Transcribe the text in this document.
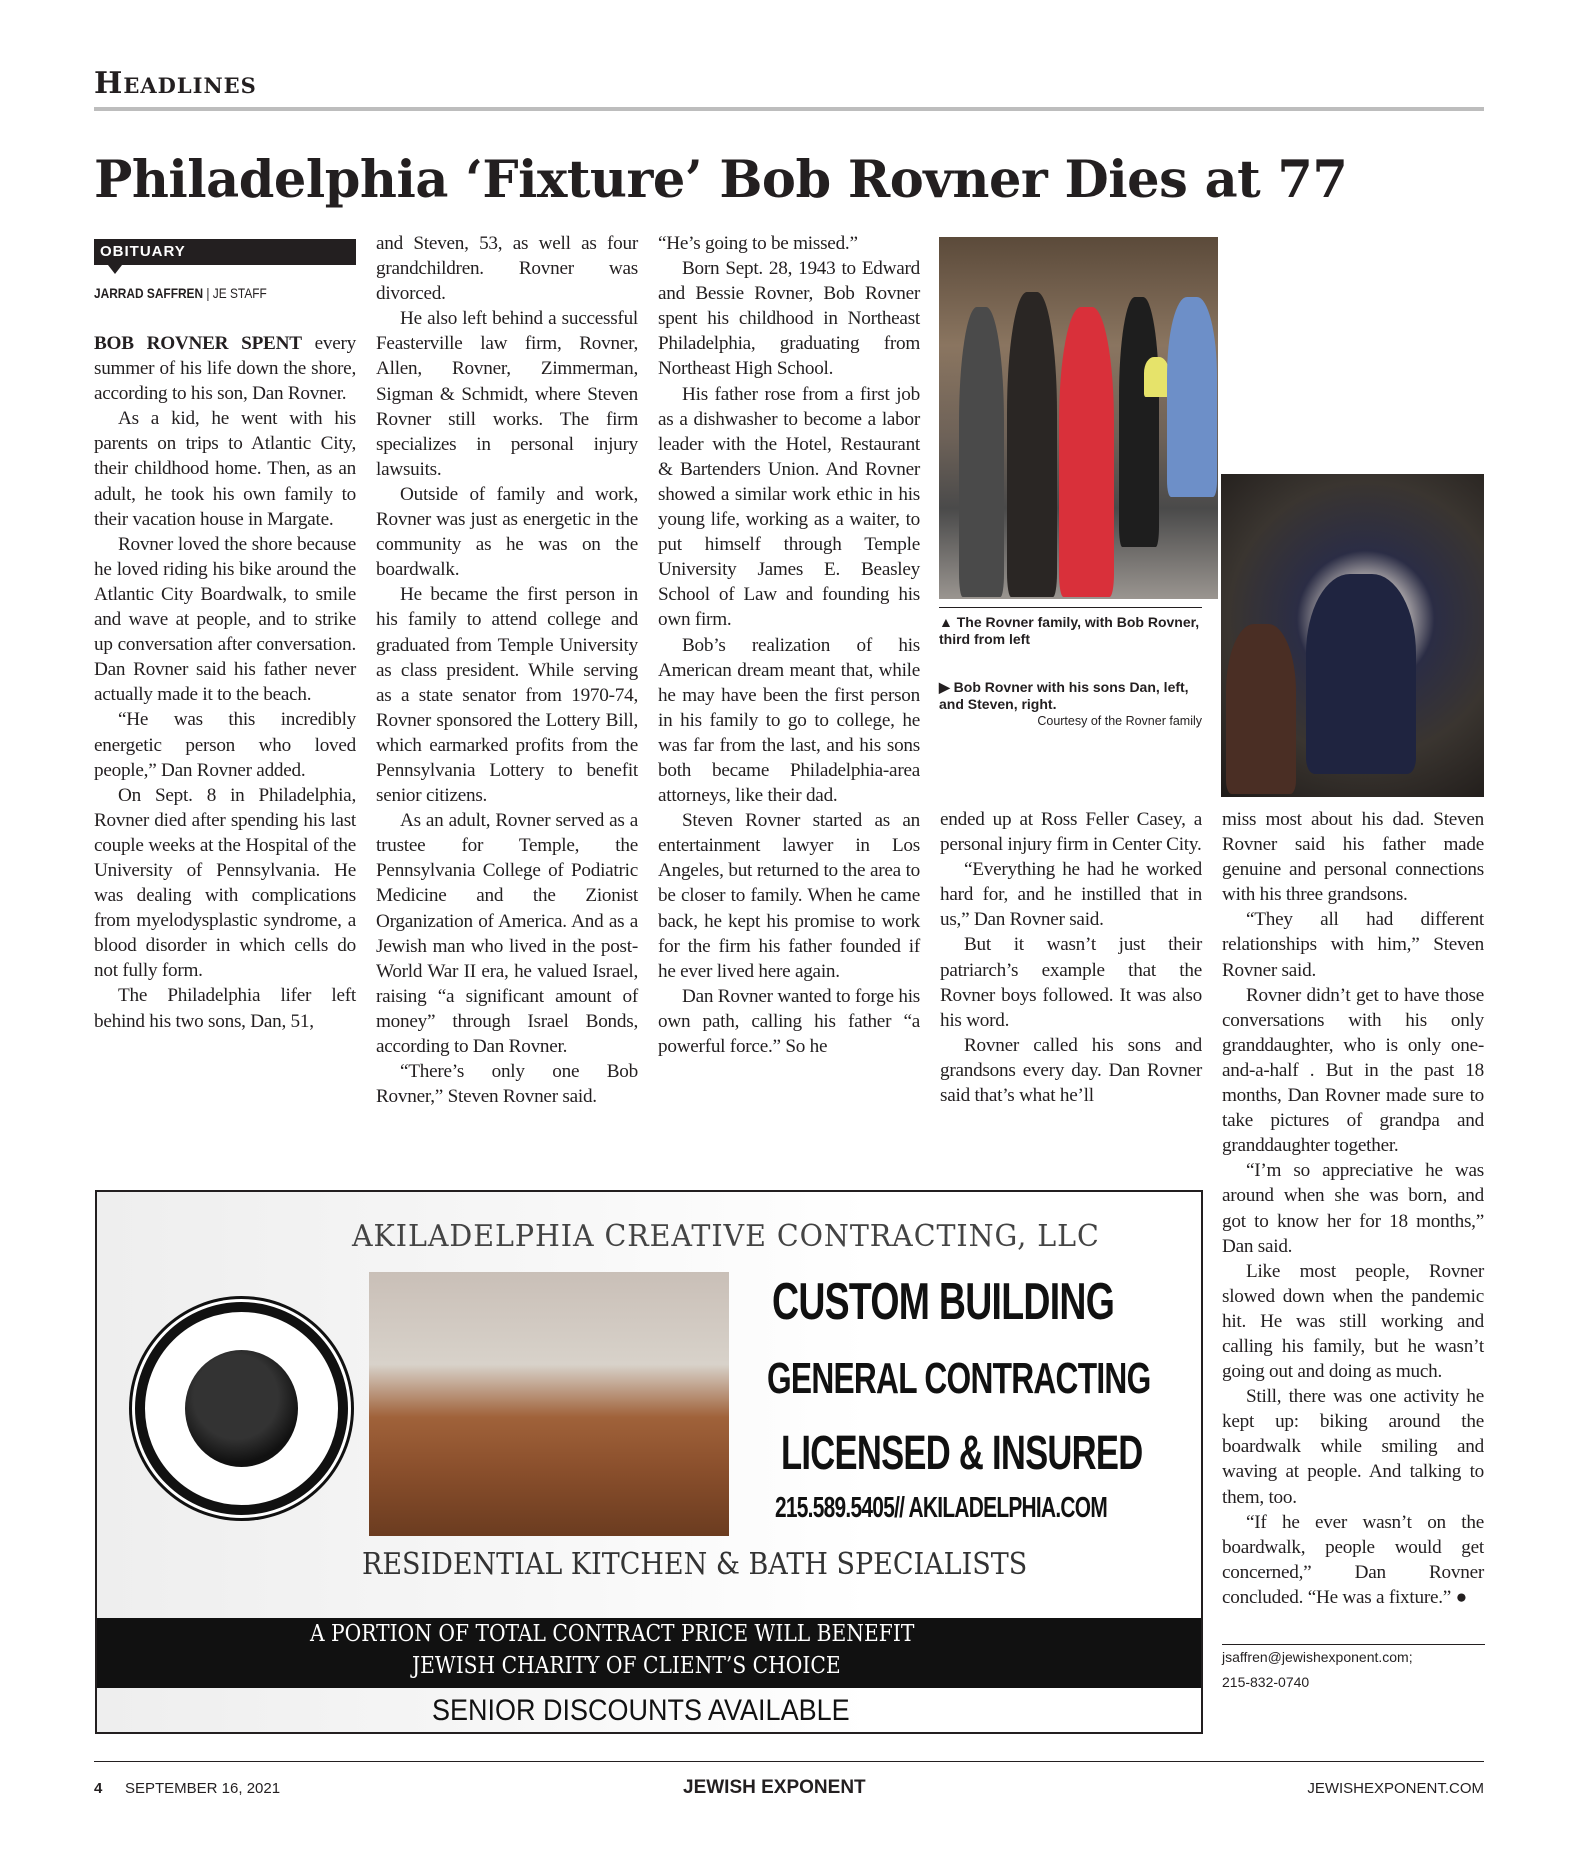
Headlines
Philadelphia ‘Fixture’ Bob Rovner Dies at 77
OBITUARY
JARRAD SAFFREN | JE STAFF

BOB ROVNER SPENT every summer of his life down the shore, according to his son, Dan Rovner.

As a kid, he went with his parents on trips to Atlantic City, their childhood home. Then, as an adult, he took his own family to their vacation house in Margate.

Rovner loved the shore because he loved riding his bike around the Atlantic City Boardwalk, to smile and wave at people, and to strike up conversation after conversation. Dan Rovner said his father never actually made it to the beach.

“He was this incredibly energetic person who loved people,” Dan Rovner added.

On Sept. 8 in Philadelphia, Rovner died after spending his last couple weeks at the Hospital of the University of Pennsylvania. He was dealing with complications from myelodysplastic syndrome, a blood disorder in which cells do not fully form.

The Philadelphia lifer left behind his two sons, Dan, 51,

and Steven, 53, as well as four grandchildren. Rovner was divorced.

He also left behind a successful Feasterville law firm, Rovner, Allen, Rovner, Zimmerman, Sigman & Schmidt, where Steven Rovner still works. The firm specializes in personal injury lawsuits.

Outside of family and work, Rovner was just as energetic in the community as he was on the boardwalk.

He became the first person in his family to attend college and graduated from Temple University as class president. While serving as a state senator from 1970-74, Rovner sponsored the Lottery Bill, which earmarked profits from the Pennsylvania Lottery to benefit senior citizens.

As an adult, Rovner served as a trustee for Temple, the Pennsylvania College of Podiatric Medicine and the Zionist Organization of America. And as a Jewish man who lived in the post-World War II era, he valued Israel, raising “a significant amount of money” through Israel Bonds, according to Dan Rovner.

“There’s only one Bob Rovner,” Steven Rovner said.

“He’s going to be missed.”

Born Sept. 28, 1943 to Edward and Bessie Rovner, Bob Rovner spent his childhood in Northeast Philadelphia, graduating from Northeast High School.

His father rose from a first job as a dishwasher to become a labor leader with the Hotel, Restaurant & Bartenders Union. And Rovner showed a similar work ethic in his young life, working as a waiter, to put himself through Temple University James E. Beasley School of Law and founding his own firm.

Bob’s realization of his American dream meant that, while he may have been the first person in his family to go to college, he was far from the last, and his sons both became Philadelphia-area attorneys, like their dad.

Steven Rovner started as an entertainment lawyer in Los Angeles, but returned to the area to be closer to family. When he came back, he kept his promise to work for the firm his father founded if he ever lived here again.

Dan Rovner wanted to forge his own path, calling his father “a powerful force.” So he

ended up at Ross Feller Casey, a personal injury firm in Center City.

“Everything he had he worked hard for, and he instilled that in us,” Dan Rovner said.

But it wasn’t just their patriarch’s example that the Rovner boys followed. It was also his word.

Rovner called his sons and grandsons every day. Dan Rovner said that’s what he’ll

miss most about his dad. Steven Rovner said his father made genuine and personal connections with his three grandsons.

“They all had different relationships with him,” Steven Rovner said.

Rovner didn’t get to have those conversations with his only granddaughter, who is only one-and-a-half . But in the past 18 months, Dan Rovner made sure to take pictures of grandpa and granddaughter together.

“I’m so appreciative he was around when she was born, and got to know her for 18 months,” Dan said.

Like most people, Rovner slowed down when the pandemic hit. He was still working and calling his family, but he wasn’t going out and doing as much.

Still, there was one activity he kept up: biking around the boardwalk while smiling and waving at people. And talking to them, too.

“If he ever wasn’t on the boardwalk, people would get concerned,” Dan Rovner concluded. “He was a fixture.” ●

jsaffren@jewishexponent.com;
215-832-0740
▲ The Rovner family, with Bob Rovner, third from left
▶ Bob Rovner with his sons Dan, left, and Steven, right.
Courtesy of the Rovner family
AKILADELPHIA CREATIVE CONTRACTING, LLC
CUSTOM BUILDING
GENERAL CONTRACTING
LICENSED & INSURED
215.589.5405// AKILADELPHIA.COM
RESIDENTIAL KITCHEN & BATH SPECIALISTS
A PORTION OF TOTAL CONTRACT PRICE WILL BENEFIT
JEWISH CHARITY OF CLIENT’S CHOICE
SENIOR DISCOUNTS AVAILABLE
4 SEPTEMBER 16, 2021	JEWISH EXPONENT	JEWISHEXPONENT.COM
